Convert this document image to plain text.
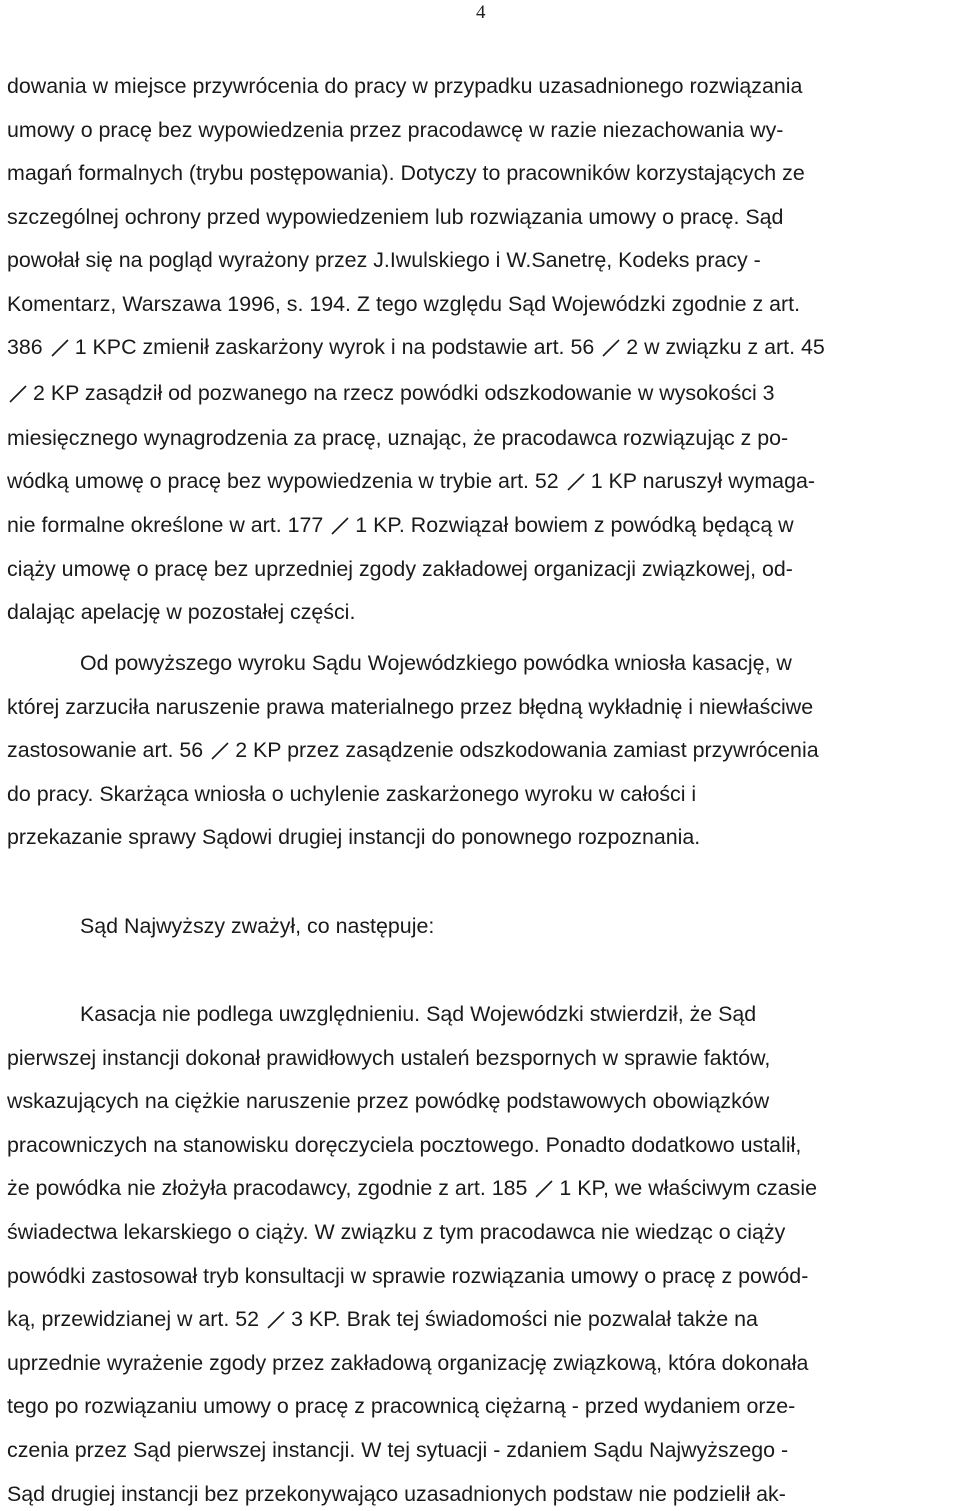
4
dowania w miejsce przywrócenia do pracy w przypadku uzasadnionego rozwiązania
umowy o pracę bez wypowiedzenia przez pracodawcę w razie niezachowania wy-
magań formalnych (trybu postępowania). Dotyczy to pracowników korzystających ze
szczególnej ochrony przed wypowiedzeniem lub rozwiązania umowy o pracę. Sąd
powołał się na pogląd wyrażony przez J.Iwulskiego i W.Sanetrę, Kodeks pracy -
Komentarz, Warszawa 1996, s. 194. Z tego względu Sąd Wojewódzki zgodnie z art.
386 1 KPC zmienił zaskarżony wyrok i na podstawie art. 56 2 w związku z art. 45
2 KP zasądził od pozwanego na rzecz powódki odszkodowanie w wysokości 3
miesięcznego wynagrodzenia za pracę, uznając, że pracodawca rozwiązując z po-
wódką umowę o pracę bez wypowiedzenia w trybie art. 52 1 KP naruszył wymaga-
nie formalne określone w art. 177 1 KP. Rozwiązał bowiem z powódką będącą w
ciąży umowę o pracę bez uprzedniej zgody zakładowej organizacji związkowej, od-
dalając apelację w pozostałej części.
Od powyższego wyroku Sądu Wojewódzkiego powódka wniosła kasację, w
której zarzuciła naruszenie prawa materialnego przez błędną wykładnię i niewłaściwe
zastosowanie art. 56 2 KP przez zasądzenie odszkodowania zamiast przywrócenia
do pracy. Skarżąca wniosła o uchylenie zaskarżonego wyroku w całości i
przekazanie sprawy Sądowi drugiej instancji do ponownego rozpoznania.
Sąd Najwyższy zważył, co następuje:
Kasacja nie podlega uwzględnieniu. Sąd Wojewódzki stwierdził, że Sąd
pierwszej instancji dokonał prawidłowych ustaleń bezspornych w sprawie faktów,
wskazujących na ciężkie naruszenie przez powódkę podstawowych obowiązków
pracowniczych na stanowisku doręczyciela pocztowego. Ponadto dodatkowo ustalił,
że powódka nie złożyła pracodawcy, zgodnie z art. 185 1 KP, we właściwym czasie
świadectwa lekarskiego o ciąży. W związku z tym pracodawca nie wiedząc o ciąży
powódki zastosował tryb konsultacji w sprawie rozwiązania umowy o pracę z powód-
ką, przewidzianej w art. 52 3 KP. Brak tej świadomości nie pozwalał także na
uprzednie wyrażenie zgody przez zakładową organizację związkową, która dokonała
tego po rozwiązaniu umowy o pracę z pracownicą ciężarną - przed wydaniem orze-
czenia przez Sąd pierwszej instancji. W tej sytuacji - zdaniem Sądu Najwyższego -
Sąd drugiej instancji bez przekonywająco uzasadnionych podstaw nie podzielił ak-
